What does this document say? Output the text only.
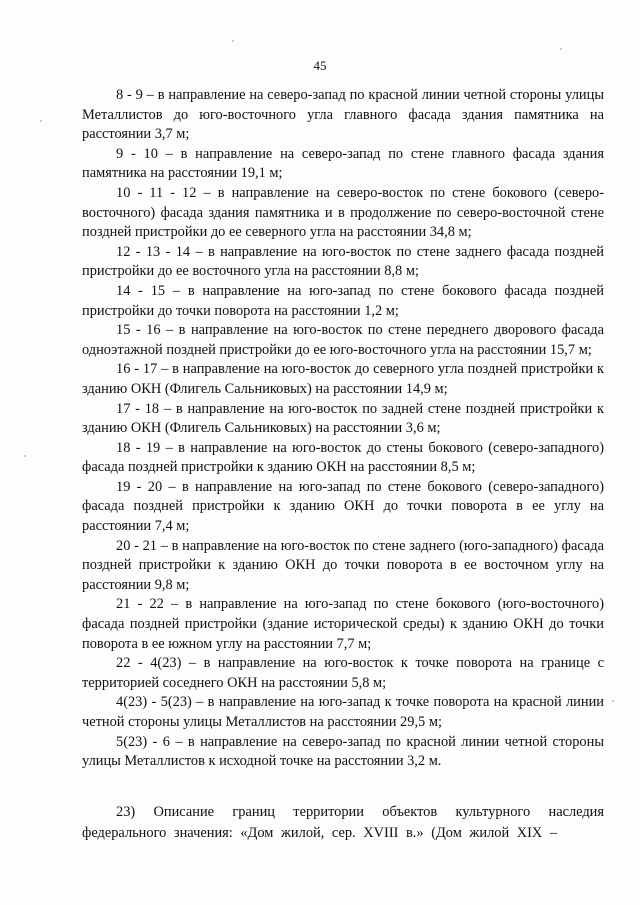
45

8 - 9 – в направление на северо-запад по красной линии четной стороны улицы Металлистов до юго-восточного угла главного фасада здания памятника на расстоянии 3,7 м;

9 - 10 – в направление на северо-запад по стене главного фасада здания памятника на расстоянии 19,1 м;

10 - 11 - 12 – в направление на северо-восток по стене бокового (северо-восточного) фасада здания памятника и в продолжение по северо-восточной стене поздней пристройки до ее северного угла на расстоянии 34,8 м;

12 - 13 - 14 – в направление на юго-восток по стене заднего фасада поздней пристройки до ее восточного угла на расстоянии 8,8 м;

14 - 15 – в направление на юго-запад по стене бокового фасада поздней пристройки до точки поворота на расстоянии 1,2 м;

15 - 16 – в направление на юго-восток по стене переднего дворового фасада одноэтажной поздней пристройки до ее юго-восточного угла на расстоянии 15,7 м;

16 - 17 – в направление на юго-восток до северного угла поздней пристройки к зданию ОКН (Флигель Сальниковых) на расстоянии 14,9 м;

17 - 18 – в направление на юго-восток по задней стене поздней пристройки к зданию ОКН (Флигель Сальниковых) на расстоянии 3,6 м;

18 - 19 – в направление на юго-восток до стены бокового (северо-западного) фасада поздней пристройки к зданию ОКН на расстоянии 8,5 м;

19 - 20 – в направление на юго-запад по стене бокового (северо-западного) фасада поздней пристройки к зданию ОКН до точки поворота в ее углу на расстоянии 7,4 м;

20 - 21 – в направление на юго-восток по стене заднего (юго-западного) фасада поздней пристройки к зданию ОКН до точки поворота в ее восточном углу на расстоянии 9,8 м;

21 - 22 – в направление на юго-запад по стене бокового (юго-восточного) фасада поздней пристройки (здание исторической среды) к зданию ОКН до точки поворота в ее южном углу на расстоянии 7,7 м;

22 - 4(23) – в направление на юго-восток к точке поворота на границе с территорией соседнего ОКН на расстоянии 5,8 м;

4(23) - 5(23) – в направление на юго-запад к точке поворота на красной линии четной стороны улицы Металлистов на расстоянии 29,5 м;

5(23) - 6 – в направление на северо-запад по красной линии четной стороны улицы Металлистов к исходной точке на расстоянии 3,2 м.

23) Описание границ территории объектов культурного наследия федерального значения: «Дом жилой, сер. XVIII в.» (Дом жилой XIX –
